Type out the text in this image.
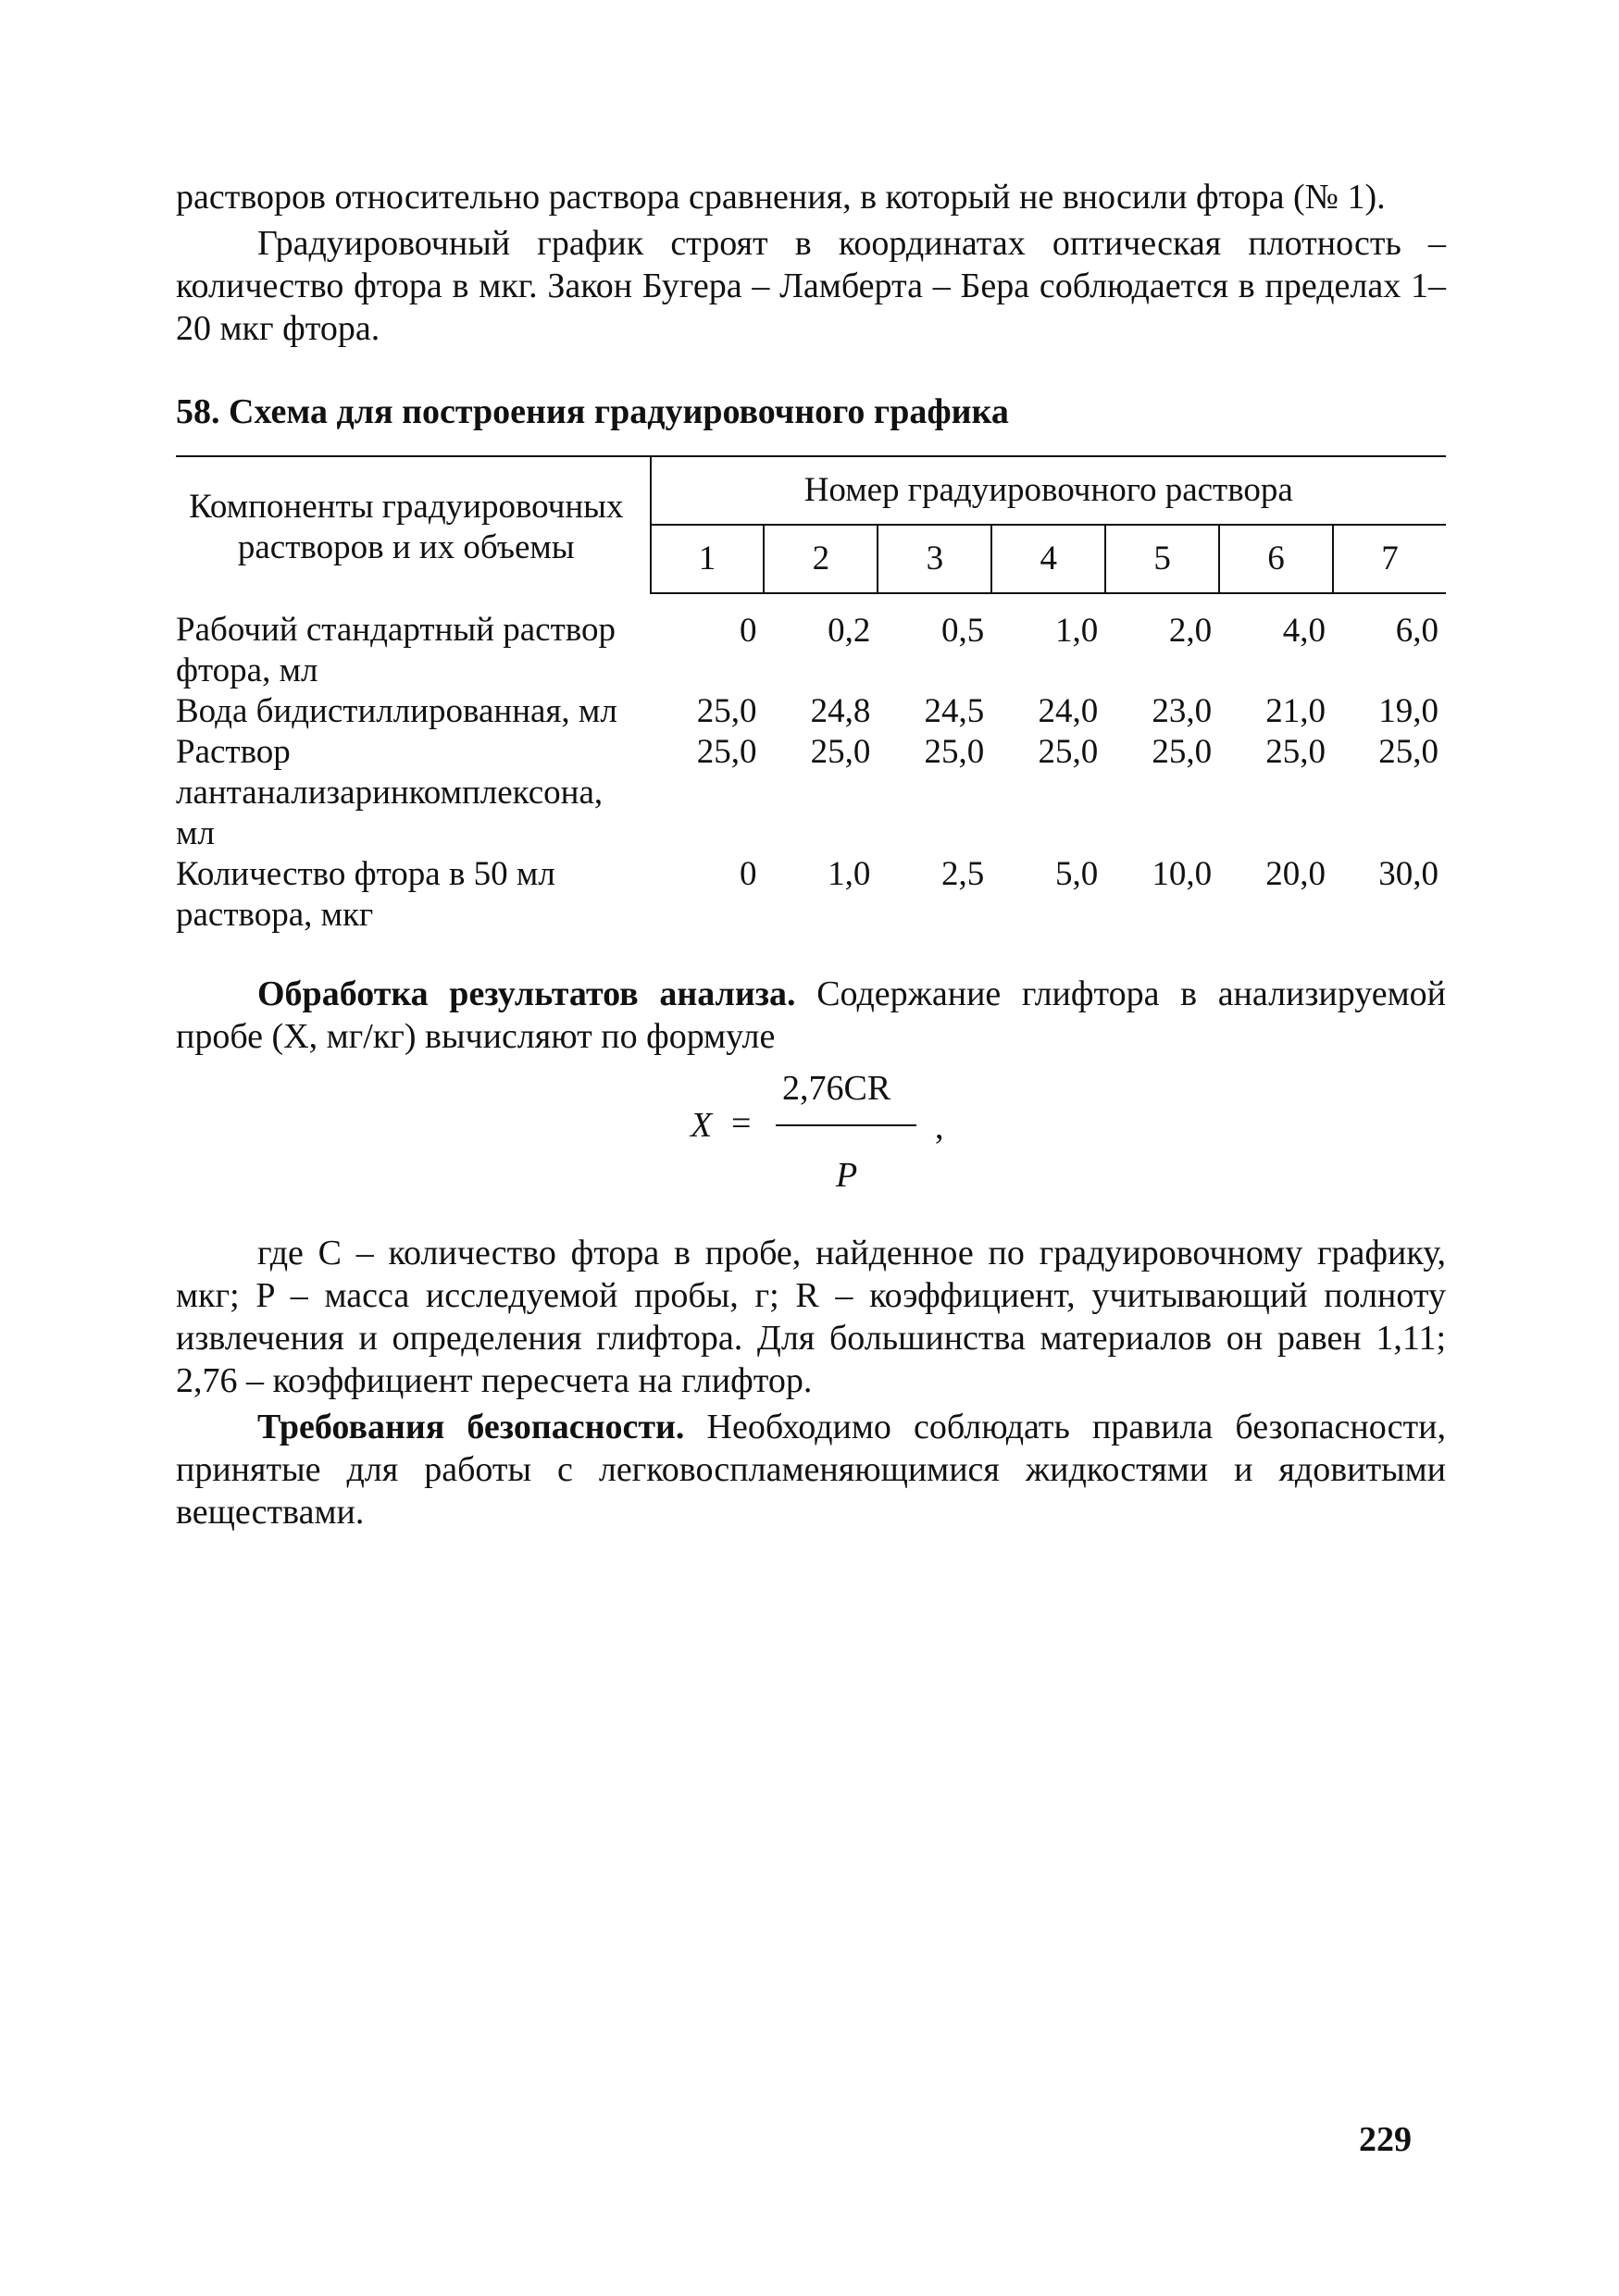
растворов относительно раствора сравнения, в который не вносили фтора (№ 1).

Градуировочный график строят в координатах оптическая плотность – количество фтора в мкг. Закон Бугера – Ламберта – Бера соблюдается в пределах 1–20 мкг фтора.

58. Схема для построения градуировочного графика

Компоненты градуировочных растворов и их объемы	Номер градуировочного раствора						
	1	2	3	4	5	6	7
Рабочий стандартный раствор фтора, мл	0	0,2	0,5	1,0	2,0	4,0	6,0
Вода бидистиллированная, мл	25,0	24,8	24,5	24,0	23,0	21,0	19,0
Раствор лантанализаринкомплексона, мл	25,0	25,0	25,0	25,0	25,0	25,0	25,0
Количество фтора в 50 мл раствора, мкг	0	1,0	2,5	5,0	10,0	20,0	30,0

Обработка результатов анализа. Содержание глифтора в анализируемой пробе (X, мг/кг) вычисляют по формуле

X =
2,76CR
P
,

где C – количество фтора в пробе, найденное по градуировочному графику, мкг; P – масса исследуемой пробы, г; R – коэффициент, учитывающий полноту извлечения и определения глифтора. Для большинства материалов он равен 1,11; 2,76 – коэффициент пересчета на глифтор.

Требования безопасности. Необходимо соблюдать правила безопасности, принятые для работы с легковоспламеняющимися жидкостями и ядовитыми веществами.

229
